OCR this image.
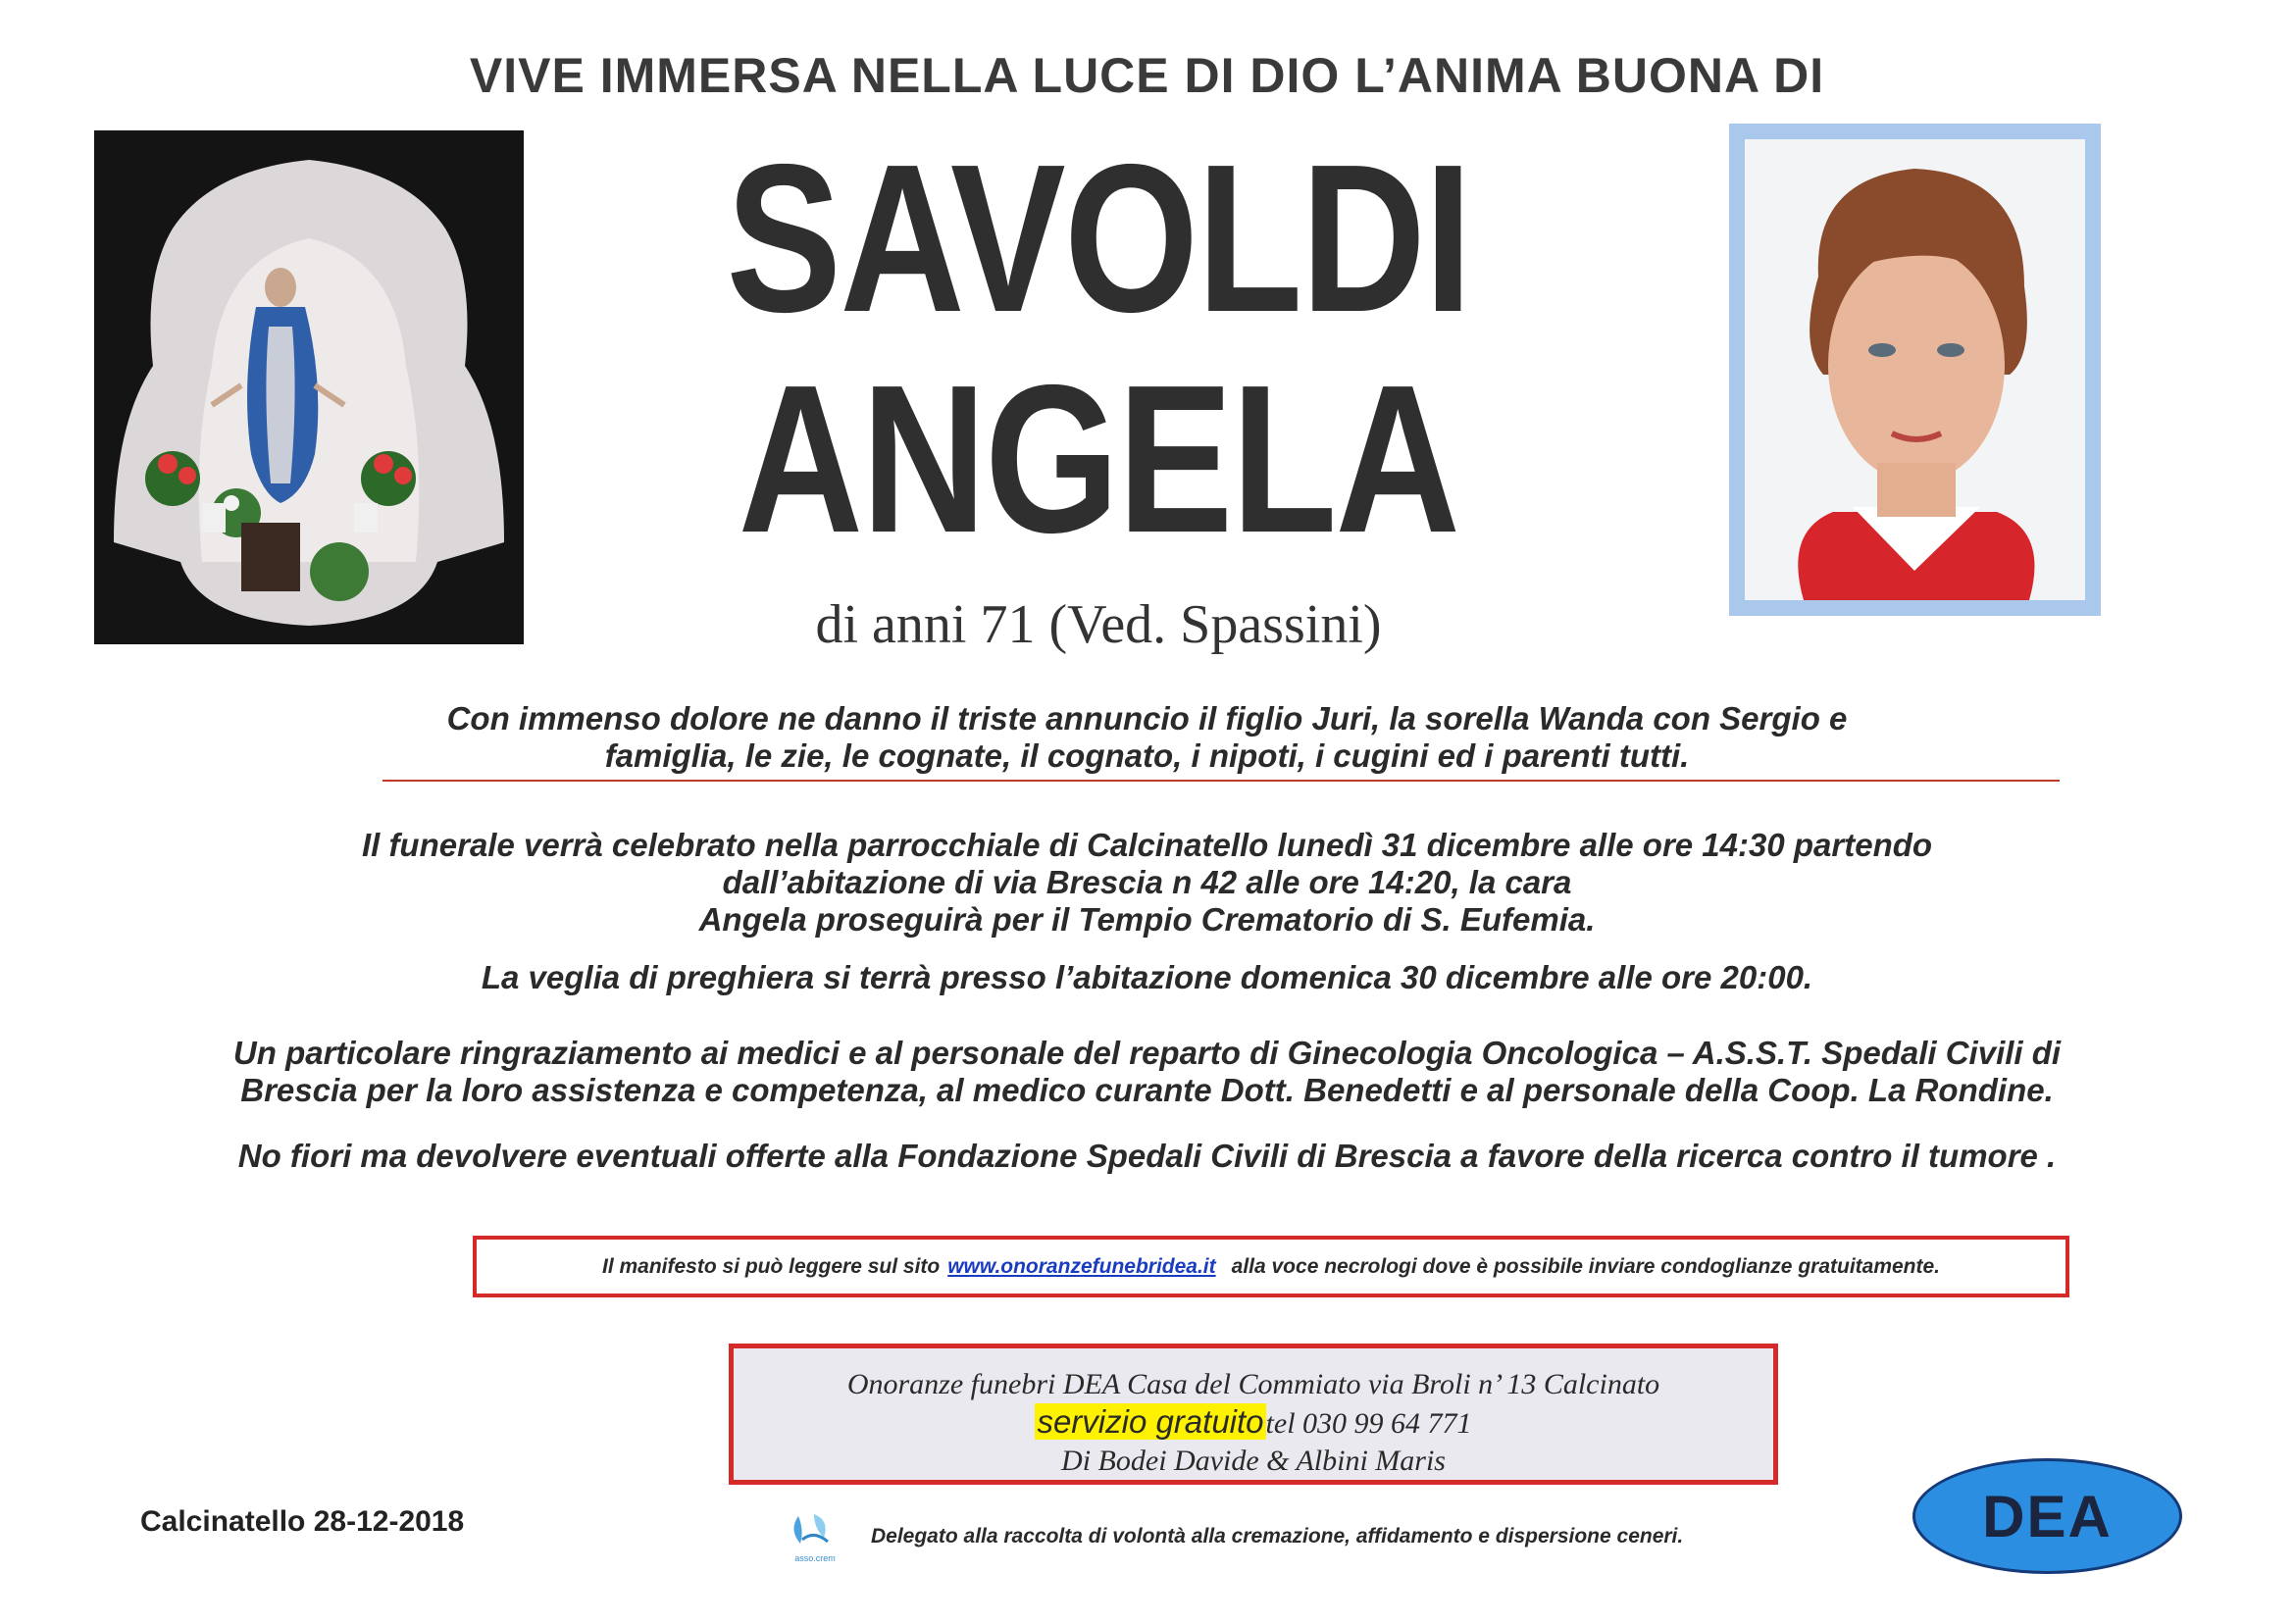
VIVE IMMERSA NELLA LUCE DI DIO L’ANIMA BUONA DI
SAVOLDI
ANGELA
di anni 71 (Ved. Spassini)
Con immenso dolore ne danno il triste annuncio il figlio Juri, la sorella Wanda con Sergio e
famiglia, le zie, le cognate, il cognato, i nipoti, i cugini ed i parenti tutti.
Il funerale verrà celebrato nella parrocchiale di Calcinatello lunedì 31 dicembre alle ore 14:30 partendo
dall’abitazione di via Brescia n 42 alle ore 14:20, la cara
Angela proseguirà per il Tempio Crematorio di S. Eufemia.
La veglia di preghiera si terrà presso l’abitazione domenica 30 dicembre alle ore 20:00.
Un particolare ringraziamento ai medici e al personale del reparto di Ginecologia Oncologica – A.S.S.T. Spedali Civili di
Brescia per la loro assistenza e competenza, al medico curante Dott. Benedetti e al personale della Coop. La Rondine.
No fiori ma devolvere eventuali offerte alla Fondazione Spedali Civili di Brescia a favore della ricerca contro il tumore .
Il manifesto si può leggere sul sito www.onoranzefunebridea.it alla voce necrologi dove è possibile inviare condoglianze gratuitamente.
Onoranze funebri DEA Casa del Commiato via Broli n’ 13 Calcinato
servizio gratuitotel 030 99 64 771
Di Bodei Davide & Albini Maris
Calcinatello 28-12-2018
asso.crem
Delegato alla raccolta di volontà alla cremazione, affidamento e dispersione ceneri.	DEA
